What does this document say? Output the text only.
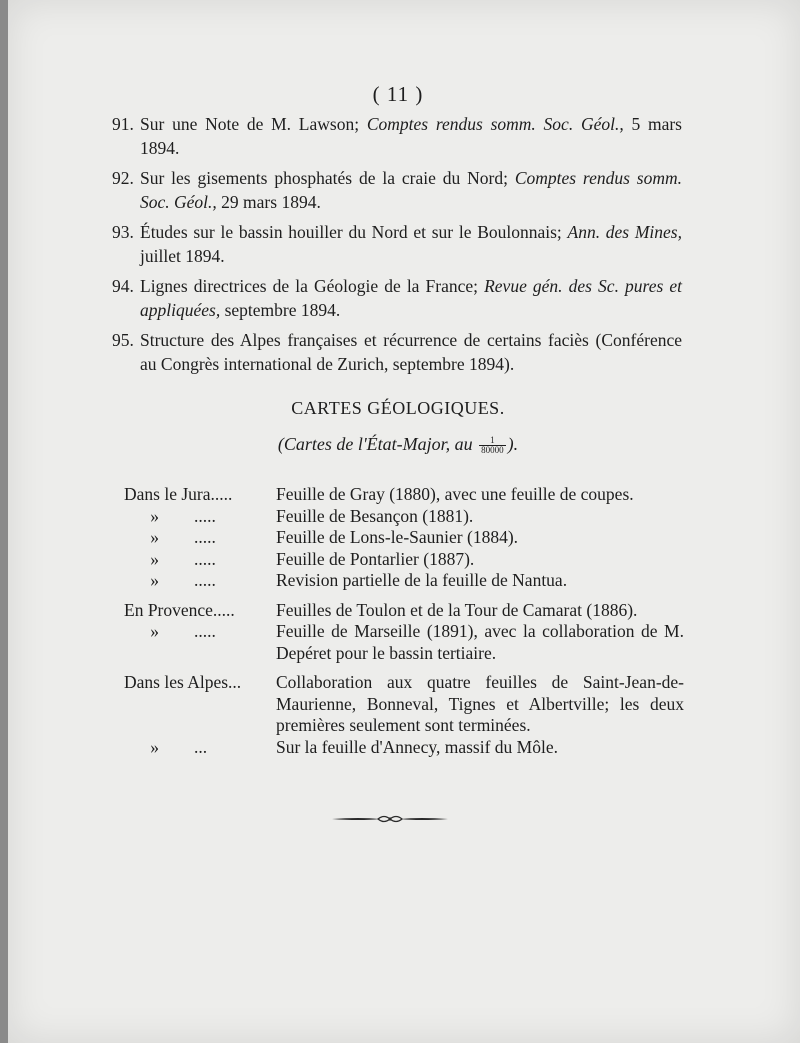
( 11 )
91. Sur une Note de M. Lawson; Comptes rendus somm. Soc. Géol., 5 mars 1894.
92. Sur les gisements phosphatés de la craie du Nord; Comptes rendus somm. Soc. Géol., 29 mars 1894.
93. Études sur le bassin houiller du Nord et sur le Boulonnais; Ann. des Mines, juillet 1894.
94. Lignes directrices de la Géologie de la France; Revue gén. des Sc. pures et appliquées, septembre 1894.
95. Structure des Alpes françaises et récurrence de certains faciès (Conférence au Congrès international de Zurich, septembre 1894).
CARTES GÉOLOGIQUES.
(Cartes de l'État-Major, au $\frac{1}{80000}$ ).
Dans le Jura.....	Feuille de Gray (1880), avec une feuille de coupes.
»        .....	Feuille de Besançon (1881).
»        .....	Feuille de Lons-le-Saunier (1884).
»        .....	Feuille de Pontarlier (1887).
»        .....	Revision partielle de la feuille de Nantua.
En Provence.....	Feuilles de Toulon et de la Tour de Camarat (1886).
»        .....	Feuille de Marseille (1891), avec la collaboration de M. Depéret pour le bassin tertiaire.
Dans les Alpes...	Collaboration aux quatre feuilles de Saint-Jean-de-Maurienne, Bonneval, Tignes et Albertville; les deux premières seulement sont terminées.
»        ...	Sur la feuille d'Annecy, massif du Môle.
